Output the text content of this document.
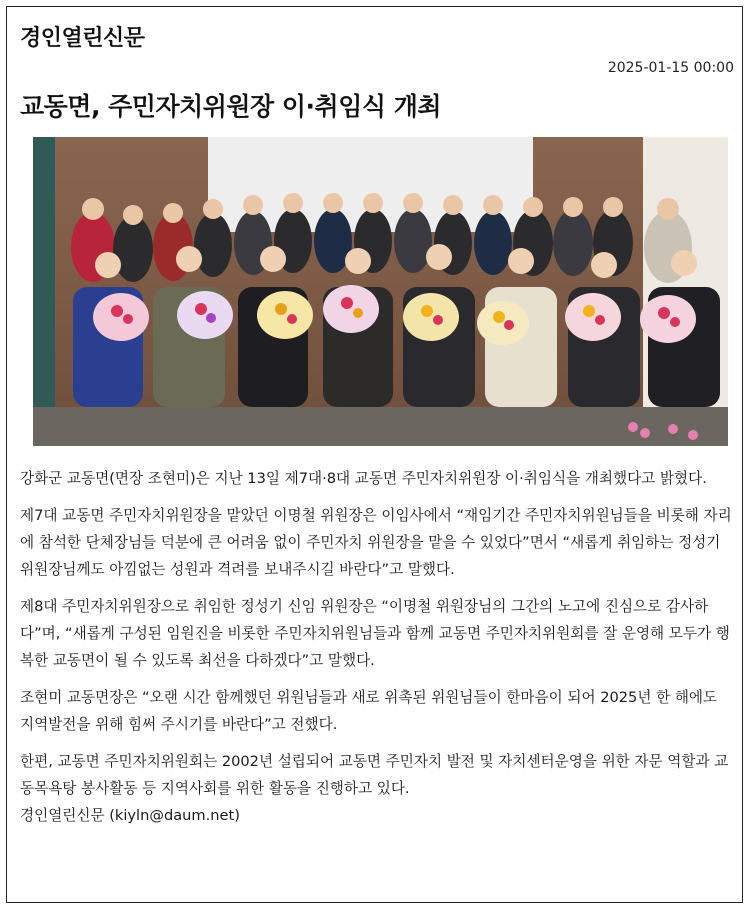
경인열린신문
2025-01-15 00:00
교동면, 주민자치위원장 이·취임식 개최

강화군 교동면(면장 조현미)은 지난 13일 제7대·8대 교동면 주민자치위원장 이·취임식을 개최했다고 밝혔다.

제7대 교동면 주민자치위원장을 맡았던 이명철 위원장은 이임사에서 “재임기간 주민자치위원님들을 비롯해 자리에 참석한 단체장님들 덕분에 큰 어려움 없이 주민자치 위원장을 맡을 수 있었다”면서 “새롭게 취임하는 정성기 위원장님께도 아낌없는 성원과 격려를 보내주시길 바란다”고 말했다.

제8대 주민자치위원장으로 취임한 정성기 신임 위원장은 “이명철 위원장님의 그간의 노고에 진심으로 감사하다”며, “새롭게 구성된 임원진을 비롯한 주민자치위원님들과 함께 교동면 주민자치위원회를 잘 운영해 모두가 행복한 교동면이 될 수 있도록 최선을 다하겠다”고 말했다.

조현미 교동면장은 “오랜 시간 함께했던 위원님들과 새로 위촉된 위원님들이 한마음이 되어 2025년 한 해에도 지역발전을 위해 힘써 주시기를 바란다”고 전했다.

한편, 교동면 주민자치위원회는 2002년 설립되어 교동면 주민자치 발전 및 자치센터운영을 위한 자문 역할과 교동목욕탕 봉사활동 등 지역사회를 위한 활동을 진행하고 있다.

경인열린신문 (kiyln@daum.net)
